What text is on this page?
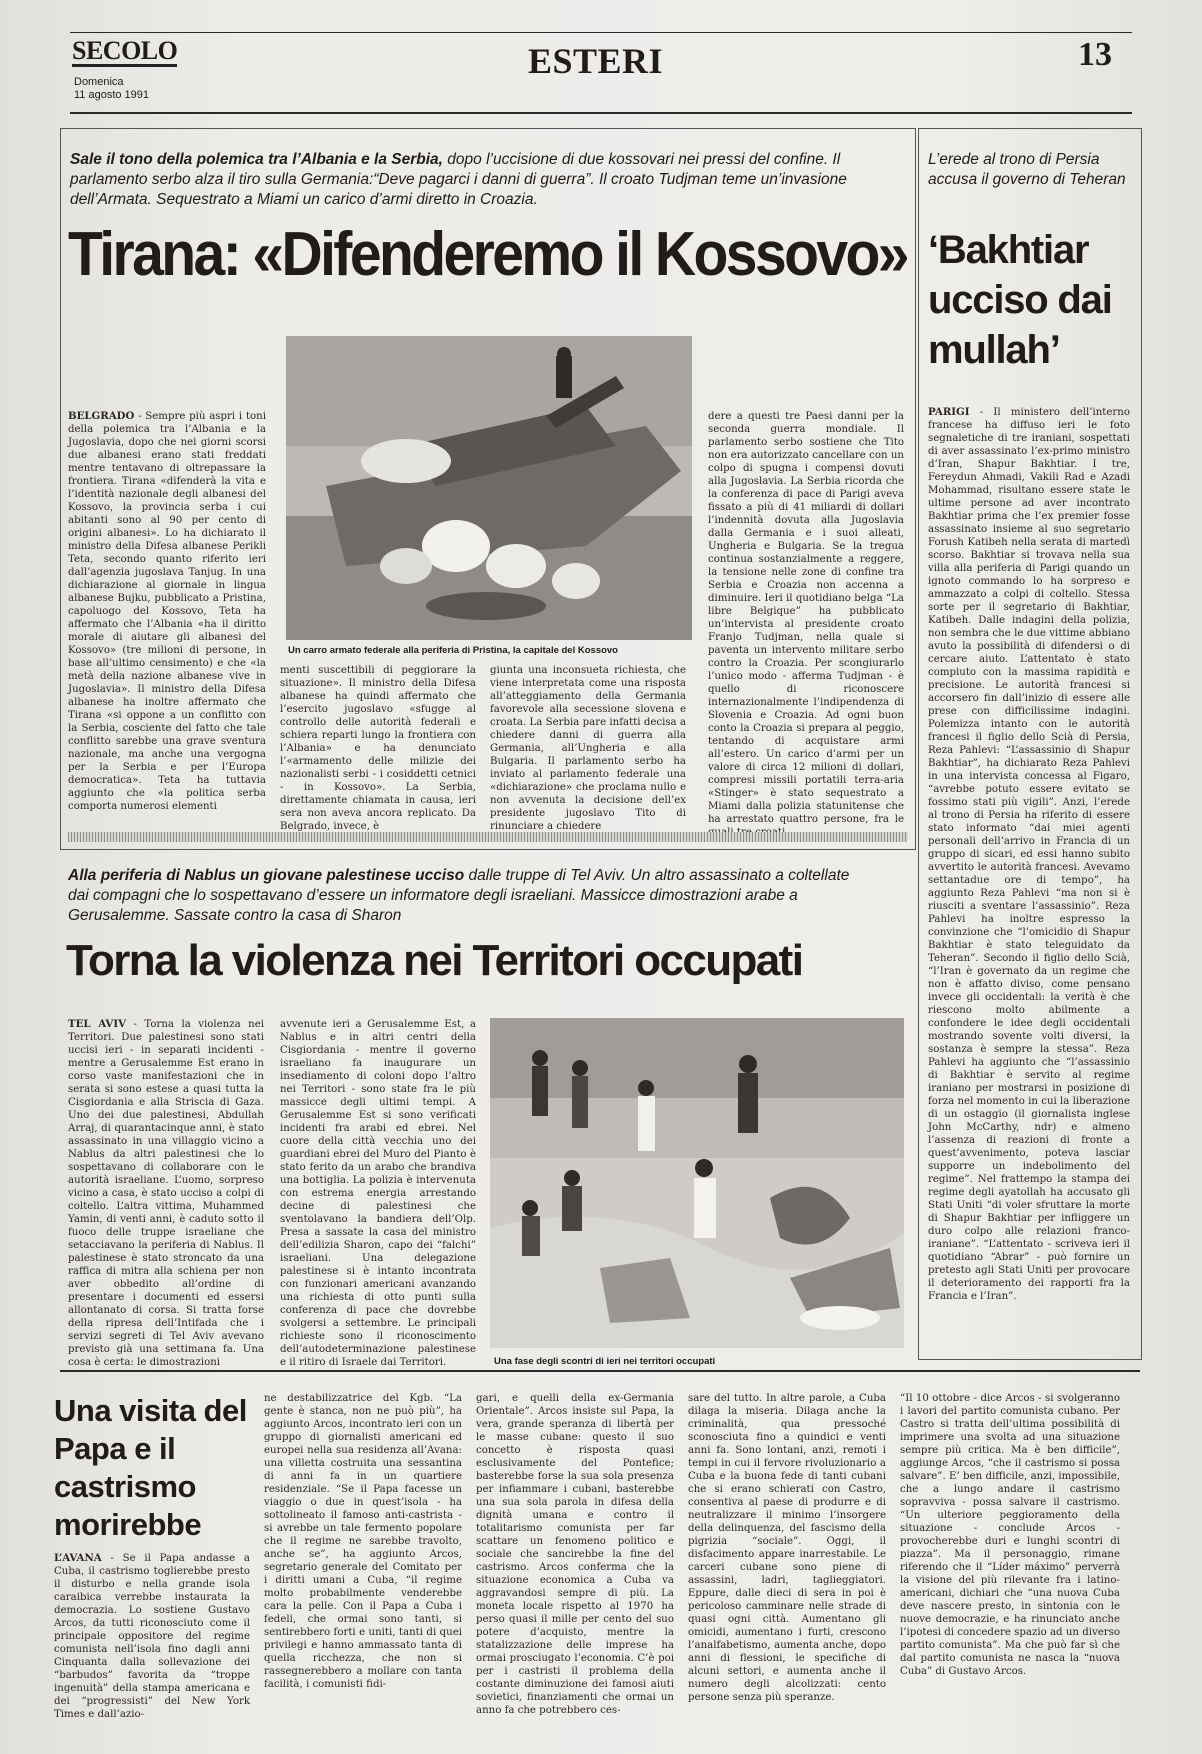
SECOLO
Domenica
11 agosto 1991
ESTERI	13
Sale il tono della polemica tra l’Albania e la Serbia, dopo l’uccisione di due kossovari nei pressi del confine. Il parlamento serbo alza il tiro sulla Germania:“Deve pagarci i danni di guerra”. Il croato Tudjman teme un’invasione dell’Armata. Sequestrato a Miami un carico d’armi diretto in Croazia.
Tirana: «Difenderemo il Kossovo»
Un carro armato federale alla periferia di Pristina, la capitale del Kossovo
BELGRADO - Sempre più aspri i toni della polemica tra l’Albania e la Jugoslavia, dopo che nei giorni scorsi due albanesi erano stati freddati mentre tentavano di oltrepassare la frontiera. Tirana «difenderà la vita e l’identità nazionale degli albanesi del Kossovo, la provincia serba i cui abitanti sono al 90 per cento di origini albanesi». Lo ha dichiarato il ministro della Difesa albanese Perikli Teta, secondo quanto riferito ieri dall’agenzia jugoslava Tanjug. In una dichiarazione al giornale in lingua albanese Bujku, pubblicato a Pristina, capoluogo del Kossovo, Teta ha affermato che l’Albania «ha il diritto morale di aiutare gli albanesi del Kossovo» (tre milioni di persone, in base all’ultimo censimento) e che «la metà della nazione albanese vive in Jugoslavia». Il ministro della Difesa albanese ha inoltre affermato che Tirana «si oppone a un conflitto con la Serbia, cosciente del fatto che tale conflitto sarebbe una grave sventura nazionale, ma anche una vergogna per la Serbia e per l’Europa democratica». Teta ha tuttavia aggiunto che «la politica serba comporta numerosi elementi
menti suscettibili di peggiorare la situazione». Il ministro della Difesa albanese ha quindi affermato che l’esercito jugoslavo «sfugge al controllo delle autorità federali e schiera reparti lungo la frontiera con l’Albania» e ha denunciato l’«armamento delle milizie dei nazionalisti serbi - i cosiddetti cetnici - in Kossovo». La Serbia, direttamente chiamata in causa, ieri sera non aveva ancora replicato. Da Belgrado, invece, è
giunta una inconsueta richiesta, che viene interpretata come una risposta all’atteggiamento della Germania favorevole alla secessione slovena e croata. La Serbia pare infatti decisa a chiedere danni di guerra alla Germania, all’Ungheria e alla Bulgaria. Il parlamento serbo ha inviato al parlamento federale una «dichiarazione» che proclama nullo e non avvenuta la decisione dell’ex presidente jugoslavo Tito di rinunciare a chiedere
dere a questi tre Paesi danni per la seconda guerra mondiale. Il parlamento serbo sostiene che Tito non era autorizzato cancellare con un colpo di spugna i compensi dovuti alla Jugoslavia. La Serbia ricorda che la conferenza di pace di Parigi aveva fissato a più di 41 miliardi di dollari l’indennità dovuta alla Jugoslavia dalla Germania e i suoi alleati, Ungheria e Bulgaria. Se la tregua continua sostanzialmente a reggere, la tensione nelle zone di confine tra Serbia e Croazia non accenna a diminuire. Ieri il quotidiano belga “La libre Belgique” ha pubblicato un’intervista al presidente croato Franjo Tudjman, nella quale si paventa un intervento militare serbo contro la Croazia. Per scongiurarlo l’unico modo - afferma Tudjman - è quello di riconoscere internazionalmente l’indipendenza di Slovenia e Croazia. Ad ogni buon conto la Croazia si prepara al peggio, tentando di acquistare armi all’estero. Un carico d’armi per un valore di circa 12 milioni di dollari, compresi missili portatili terra-aria «Stinger» è stato sequestrato a Miami dalla polizia statunitense che ha arrestato quattro persone, fra le
L’erede al trono di Persia accusa il governo di Teheran
‘Bakhtiar ucciso dai mullah’
PARIGI - Il ministero dell’interno francese ha diffuso ieri le foto segnaletiche di tre iraniani, sospettati di aver assassinato l’ex-primo ministro d’Iran, Shapur Bakhtiar. I tre, Fereydun Ahmadi, Vakili Rad e Azadi Mohammad, risultano essere state le ultime persone ad aver incontrato Bakhtiar prima che l’ex premier fosse assassinato insieme al suo segretario Forush Katibeh nella serata di martedì scorso. Bakhtiar si trovava nella sua villa alla periferia di Parigi quando un ignoto commando lo ha sorpreso e ammazzato a colpi di coltello. Stessa sorte per il segretario di Bakhtiar, Katibeh. Dalle indagini della polizia, non sembra che le due vittime abbiano avuto la possibilità di difendersi o di cercare aiuto. L’attentato è stato compiuto con la massima rapidità e precisione. Le autorità francesi si accorsero fin dall’inizio di essere alle prese con difficilissime indagini. Polemizza intanto con le autorità francesi il figlio dello Scià di Persia, Reza Pahlevi: “L’assassinio di Shapur Bakhtiar”, ha dichiarato Reza Pahlevi in una intervista concessa al Figaro, “avrebbe potuto essere evitato se fossimo stati più vigili”. Anzi, l’erede al trono di Persia ha riferito di essere stato informato “dai miei agenti personali dell’arrivo in Francia di un gruppo di sicari, ed essi hanno subito avvertito le autorità francesi. Avevamo settantadue ore di tempo”, ha aggiunto Reza Pahlevi “ma non si è riusciti a sventare l’assassinio”. Reza Pahlevi ha inoltre espresso la convinzione che “l’omicidio di Shapur Bakhtiar è stato teleguidato da Teheran”. Secondo il figlio dello Scià, “l’Iran è governato da un regime che non è affatto diviso, come pensano invece gli occidentali: la verità è che riescono molto abilmente a confondere le idee degli occidentali mostrando sovente volti diversi, la sostanza è sempre la stessa”. Reza Pahlevi ha aggiunto che “l’assassinio di Bakhtiar è servito al regime iraniano per mostrarsi in posizione di forza nel momento in cui la liberazione di un ostaggio (il giornalista inglese John McCarthy, ndr) e almeno l’assenza di reazioni di fronte a quest’avvenimento, poteva lasciar supporre un indebolimento del regime”. Nel frattempo la stampa dei regime degli ayatollah ha accusato gli Stati Uniti “di voler sfruttare la morte di Shapur Bakhtiar per infliggere un duro colpo alle relazioni franco-iraniane”. “L’attentato - scriveva ieri il quotidiano “Abrar” - può fornire un pretesto agli Stati Uniti per provocare il deterioramento dei rapporti fra la Francia e l’Iran”.
Alla periferia di Nablus un giovane palestinese ucciso dalle truppe di Tel Aviv. Un altro assassinato a coltellate dai compagni che lo sospettavano d’essere un informatore degli israeliani. Massicce dimostrazioni arabe a Gerusalemme. Sassate contro la casa di Sharon
Torna la violenza nei Territori occupati
TEL AVIV - Torna la violenza nei Territori. Due palestinesi sono stati uccisi ieri - in separati incidenti - mentre a Gerusalemme Est erano in corso vaste manifestazioni che in serata si sono estese a quasi tutta la Cisgiordania e alla Striscia di Gaza. Uno dei due palestinesi, Abdullah Arraj, di quarantacinque anni, è stato assassinato in una villaggio vicino a Nablus da altri palestinesi che lo sospettavano di collaborare con le autorità israeliane. L’uomo, sorpreso vicino a casa, è stato ucciso a colpi di coltello. L’altra vittima, Muhammed Yamin, di venti anni, è caduto sotto il fuoco delle truppe israeliane che setacciavano la periferia di Nablus. Il palestinese è stato stroncato da una raffica di mitra alla schiena per non aver obbedito all’ordine di presentare i documenti ed essersi allontanato di corsa. Si tratta forse della ripresa dell’Intifada che i servizi segreti di Tel Aviv avevano previsto già una settimana fa. Una cosa è certa: le dimostrazioni
avvenute ieri a Gerusalemme Est, a Nablus e in altri centri della Cisgiordania - mentre il governo israeliano fa inaugurare un insediamento di coloni dopo l’altro nei Territori - sono state fra le più massicce degli ultimi tempi. A Gerusalemme Est si sono verificati incidenti fra arabi ed ebrei. Nel cuore della città vecchia uno dei guardiani ebrei del Muro del Pianto è stato ferito da un arabo che brandiva una bottiglia. La polizia è intervenuta con estrema energia arrestando decine di palestinesi che sventolavano la bandiera dell’Olp. Presa a sassate la casa del ministro dell’edilizia Sharon, capo dei “falchi” israeliani. Una delegazione palestinese si è intanto incontrata con funzionari americani avanzando una richiesta di otto punti sulla conferenza di pace che dovrebbe svolgersi a settembre. Le principali richieste sono il riconoscimento dell’autodeterminazione palestinese e il ritiro di Israele dai Territori.	Una fase degli scontri di ieri nei territori occupati
Una visita del Papa e il castrismo morirebbe
L’AVANA - Se il Papa andasse a Cuba, il castrismo toglierebbe presto il disturbo e nella grande isola caraibica verrebbe instaurata la democrazia. Lo sostiene Gustavo Arcos, da tutti riconosciuto come il principale oppositore del regime comunista nell’isola fino dagli anni Cinquanta dalla sollevazione dei “barbudos” favorita da “troppe ingenuità” della stampa americana e dei “progressisti” del New York Times e dall’azio-
ne destabilizzatrice del Kgb. “La gente è stanca, non ne può più”, ha aggiunto Arcos, incontrato ieri con un gruppo di giornalisti americani ed europei nella sua residenza all’Avana: una villetta costruita una sessantina di anni fa in un quartiere residenziale. “Se il Papa facesse un viaggio o due in quest’isola - ha sottolineato il famoso anti-castrista - si avrebbe un tale fermento popolare che il regime ne sarebbe travolto, anche se”, ha aggiunto Arcos, segretario generale del Comitato per i diritti umani a Cuba, “il regime molto probabilmente venderebbe cara la pelle. Con il Papa a Cuba i fedeli, che ormai sono tanti, si sentirebbero forti e uniti, tanti di quei privilegi e hanno ammassato tanta di quella ricchezza, che non si rassegnerebbero a mollare con tanta facilità, i comunisti fidi-
gari, e quelli della ex-Germania Orientale”. Arcos insiste sul Papa, la vera, grande speranza di libertà per le masse cubane: questo il suo concetto è risposta quasi esclusivamente del Pontefice; basterebbe forse la sua sola presenza per infiammare i cubani, basterebbe una sua sola parola in difesa della dignità umana e contro il totalitarismo comunista per far scattare un fenomeno politico e sociale che sancirebbe la fine del castrismo. Arcos conferma che la situazione economica a Cuba va aggravandosi sempre di più. La moneta locale rispetto al 1970 ha perso quasi il mille per cento del suo potere d’acquisto, mentre la statalizzazione delle imprese ha ormai prosciugato l’economia. C’è poi per i castristi il problema della costante diminuzione dei famosi aiuti sovietici, finanziamenti che ormai un anno fa che potrebbero ces-
sare del tutto. In altre parole, a Cuba dilaga la miseria. Dilaga anche la criminalità, qua pressoché sconosciuta fino a quindici e venti anni fa. Sono lontani, anzi, remoti i tempi in cui il fervore rivoluzionario a Cuba e la buona fede di tanti cubani che si erano schierati con Castro, consentiva al paese di produrre e di neutralizzare il minimo l’insorgere della delinquenza, del fascismo della pigrizia “sociale”. Oggi, il disfacimento appare inarrestabile. Le carceri cubane sono piene di assassini, ladri, taglieggiatori. Eppure, dalle dieci di sera in poi è pericoloso camminare nelle strade di quasi ogni città. Aumentano gli omicidi, aumentano i furti, crescono l’analfabetismo, aumenta anche, dopo anni di flessioni, le specifiche di alcuni settori, e aumenta anche il numero degli alcolizzati: cento persone senza più speranze.
“Il 10 ottobre - dice Arcos - si svolgeranno i lavori del partito comunista cubano. Per Castro si tratta dell’ultima possibilità di imprimere una svolta ad una situazione sempre più critica. Ma è ben difficile”, aggiunge Arcos, “che il castrismo si possa salvare”. E’ ben difficile, anzi, impossibile, che a lungo andare il castrismo sopravviva - possa salvare il castrismo. “Un ulteriore peggioramento della situazione - conclude Arcos - provocherebbe duri e lunghi scontri di piazza”. Ma il personaggio, rimane riferendo che il “Líder máximo” perverrà la visione del più rilevante fra i latino-americani, dichiari che “una nuova Cuba deve nascere presto, in sintonia con le nuove democrazie, e ha rinunciato anche l’ipotesi di concedere spazio ad un diverso partito comunista”. Ma che può far sì che dal partito comunista ne nasca la “nuova Cuba” di Gustavo Arcos.
